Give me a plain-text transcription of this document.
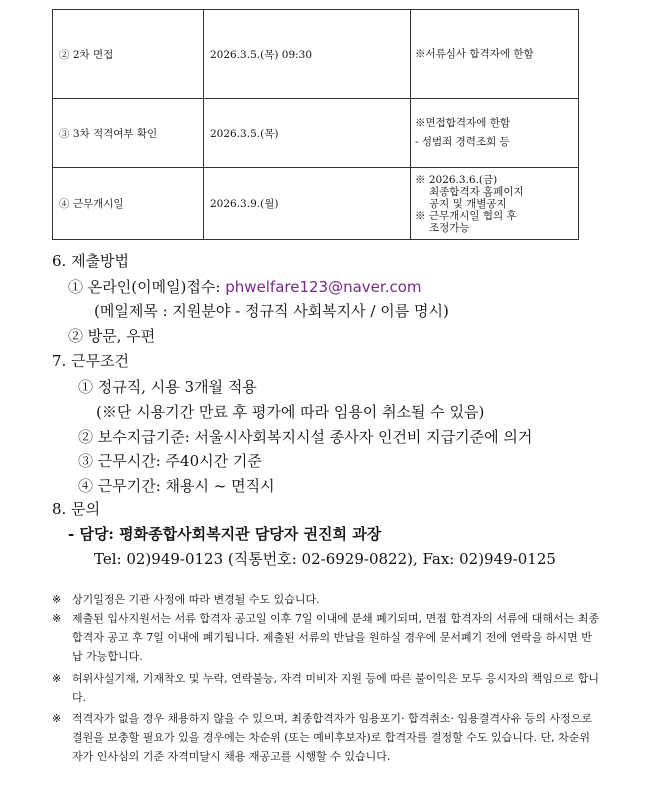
② 2차 면접	2026.3.5.(목) 09:30	※서류심사 합격자에 한함

③ 3차 적격여부 확인	2026.3.5.(목)	※면접합격자에 한함
- 성범죄 경력조회 등

④ 근무개시일	2026.3.9.(월)	※ 2026.3.6.(금)
최종합격자 홈페이지
공지 및 개별공지
※ 근무개시일 협의 후
조정가능
6. 제출방법
① 온라인(이메일)접수: phwelfare123@naver.com
(메일제목 : 지원분야 - 정규직 사회복지사 / 이름 명시)
② 방문, 우편
7. 근무조건
① 정규직, 시용 3개월 적용
(※단 시용기간 만료 후 평가에 따라 임용이 취소될 수 있음)
② 보수지급기준: 서울시사회복지시설 종사자 인건비 지급기준에 의거
③ 근무시간: 주40시간 기준
④ 근무기간: 채용시 ~ 면직시
8. 문의
- 담당: 평화종합사회복지관 담당자 권진희 과장
Tel: 02)949-0123 (직통번호: 02-6929-0822), Fax: 02)949-0125
※ 상기일정은 기관 사정에 따라 변경될 수도 있습니다.
※ 제출된 입사지원서는 서류 합격자 공고일 이후 7일 이내에 분쇄 폐기되며, 면접 합격자의 서류에 대해서는 최종합격자 공고 후 7일 이내에 폐기됩니다. 제출된 서류의 반납을 원하실 경우에 문서폐기 전에 연락을 하시면 반납 가능합니다.
※ 허위사실기재, 기재착오 및 누락, 연락불능, 자격 미비자 지원 등에 따른 불이익은 모두 응시자의 책임으로 합니다.
※ 적격자가 없을 경우 채용하지 않을 수 있으며, 최종합격자가 임용포기· 합격취소· 임용결격사유 등의 사정으로 결원을 보충할 필요가 있을 경우에는 차순위 (또는 예비후보자)로 합격자를 결정할 수도 있습니다. 단, 차순위자가 인사심의 기준 자격미달시 채용 재공고를 시행할 수 있습니다.
